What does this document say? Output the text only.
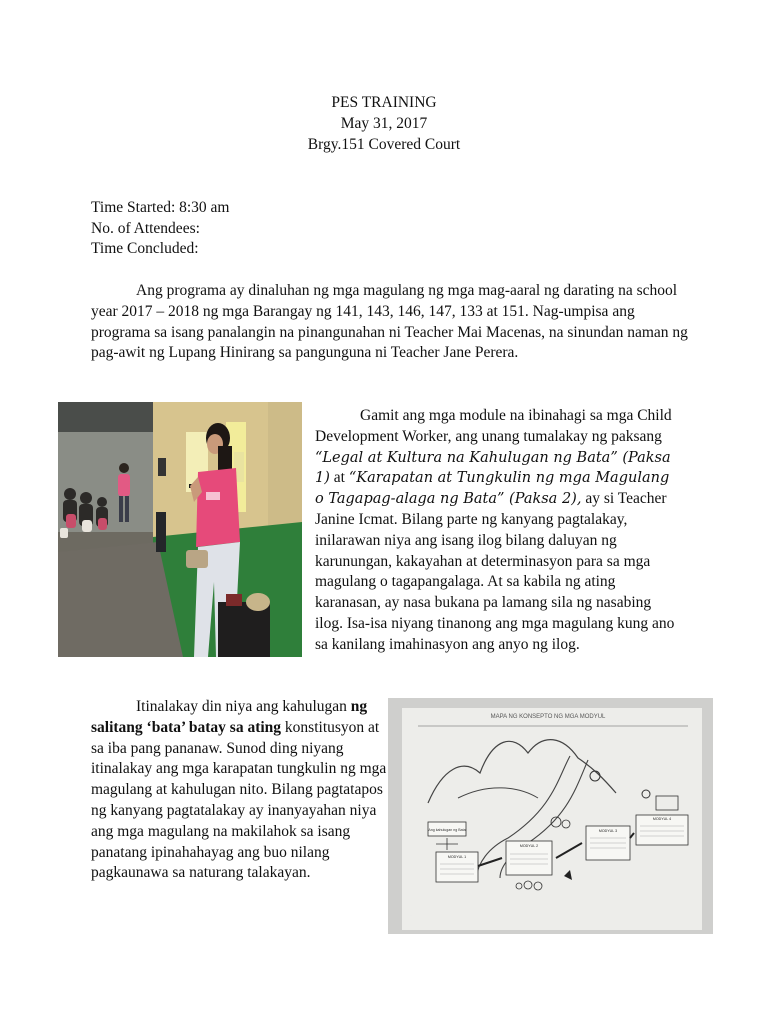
PES TRAINING
May 31, 2017
Brgy.151 Covered Court
Time Started: 8:30 am
No. of Attendees:
Time Concluded:

Ang programa ay dinaluhan ng mga magulang ng mga mag-aaral ng darating na school year 2017 – 2018 ng mga Barangay ng 141, 143, 146, 147, 133 at 151. Nag-umpisa ang programa sa isang panalangin na pinangunahan ni Teacher Mai Macenas, na sinundan naman ng pag-awit ng Lupang Hinirang sa pangunguna ni Teacher Jane Perera.

Gamit ang mga module na ibinahagi sa mga Child Development Worker, ang unang tumalakay ng paksang “Legal at Kultura na Kahulugan ng Bata” (Paksa 1) at “Karapatan at Tungkulin ng mga Magulang o Tagapag-alaga ng Bata” (Paksa 2), ay si Teacher Janine Icmat. Bilang parte ng kanyang pagtalakay, inilarawan niya ang isang ilog bilang daluyan ng karunungan, kakayahan at determinasyon para sa mga magulang o tagapangalaga. At sa kabila ng ating karanasan, ay nasa bukana pa lamang sila ng nasabing ilog. Isa-isa niyang tinanong ang mga magulang kung ano sa kanilang imahinasyon ang anyo ng ilog.

Itinalakay din niya ang kahulugan ng salitang ‘bata’ batay sa ating konstitusyon at sa iba pang pananaw. Sunod ding niyang itinalakay ang mga karapatan tungkulin ng mga magulang at kahulugan nito. Bilang pagtatapos ng kanyang pagtatalakay ay inanyayahan niya ang mga magulang na makilahok sa isang panatang ipinahahayag ang buo nilang pagkaunawa sa naturang talakayan.

MAPA NG KONSEPTO NG MGA MODYUL
Ang kahulugan ng Bata
MODYUL 1
MODYUL 2
MODYUL 3
MODYUL 4
MODYUL 5
